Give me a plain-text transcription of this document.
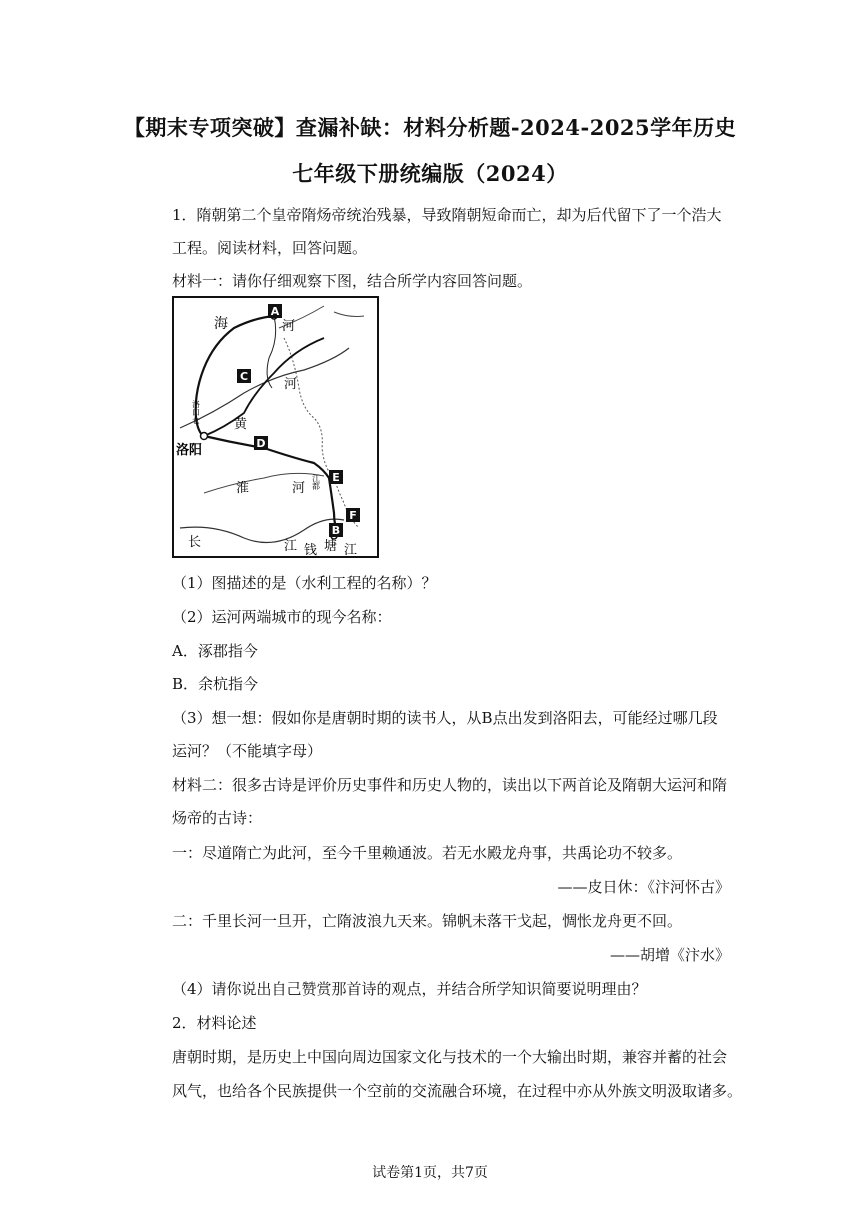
【期末专项突破】查漏补缺：材料分析题-2024-2025学年历史
七年级下册统编版（2024）
1．隋朝第二个皇帝隋炀帝统治残暴，导致隋朝短命而亡，却为后代留下了一个浩大
工程。阅读材料，回答问题。
材料一：请你仔细观察下图，结合所学内容回答问题。
A
C
D
E
F
B
海	河
河
黄
洛阳
洛口仓
淮	河 江都
长	江 钱 塘 江
（1）图描述的是（水利工程的名称）？
（2）运河两端城市的现今名称：
A．涿郡指今
B．余杭指今
（3）想一想：假如你是唐朝时期的读书人，从B点出发到洛阳去，可能经过哪几段
运河？（不能填字母）
材料二：很多古诗是评价历史事件和历史人物的，读出以下两首论及隋朝大运河和隋
炀帝的古诗：
一：尽道隋亡为此河，至今千里赖通波。若无水殿龙舟事，共禹论功不较多。
——皮日休：《汴河怀古》
二：千里长河一旦开，亡隋波浪九天来。锦帆未落干戈起，惆怅龙舟更不回。
——胡增《汴水》
（4）请你说出自己赞赏那首诗的观点，并结合所学知识简要说明理由？
2．材料论述
唐朝时期，是历史上中国向周边国家文化与技术的一个大输出时期，兼容并蓄的社会
风气，也给各个民族提供一个空前的交流融合环境，在过程中亦从外族文明汲取诸多。
试卷第1页，共7页
